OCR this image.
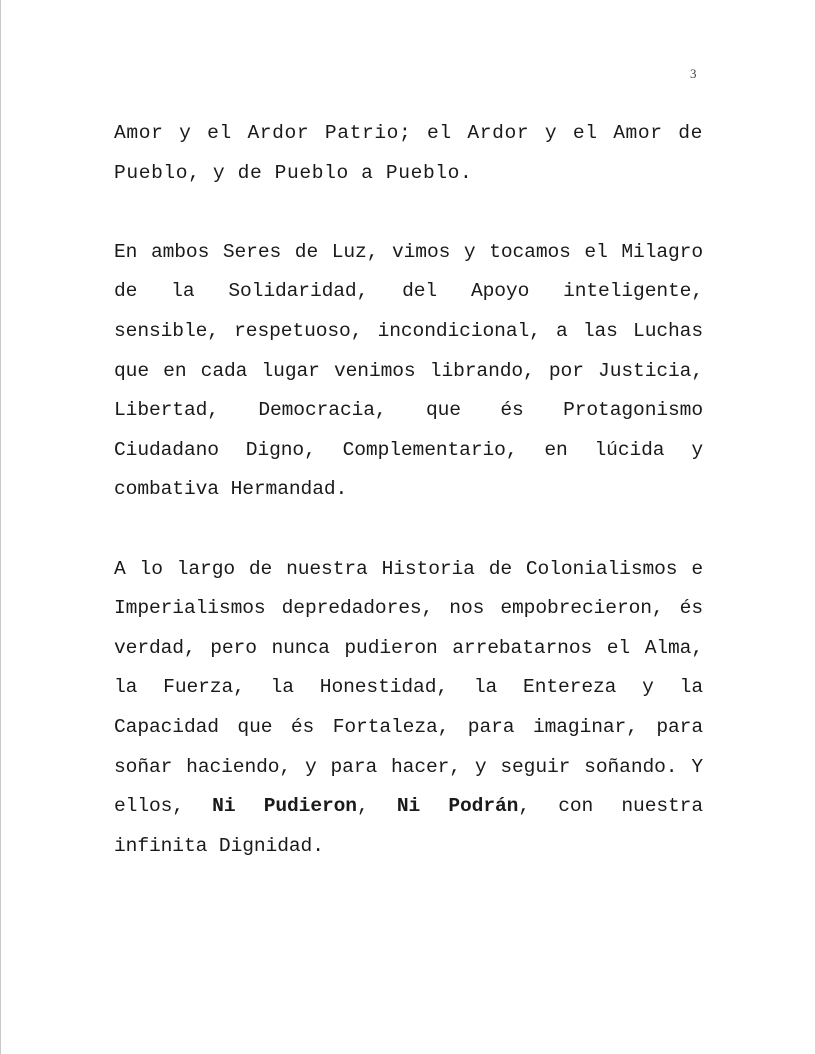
3

Amor y el Ardor Patrio; el Ardor y el Amor de Pueblo, y de Pueblo a Pueblo.

En ambos Seres de Luz, vimos y tocamos el Milagro de la Solidaridad, del Apoyo inteligente, sensible, respetuoso, incondicional, a las Luchas que en cada lugar venimos librando, por Justicia, Libertad, Democracia, que és Protagonismo Ciudadano Digno, Complementario, en lúcida y combativa Hermandad.

A lo largo de nuestra Historia de Colonialismos e Imperialismos depredadores, nos empobrecieron, és verdad, pero nunca pudieron arrebatarnos el Alma, la Fuerza, la Honestidad, la Entereza y la Capacidad que és Fortaleza, para imaginar, para soñar haciendo, y para hacer, y seguir soñando. Y ellos, Ni Pudieron, Ni Podrán, con nuestra infinita Dignidad.
